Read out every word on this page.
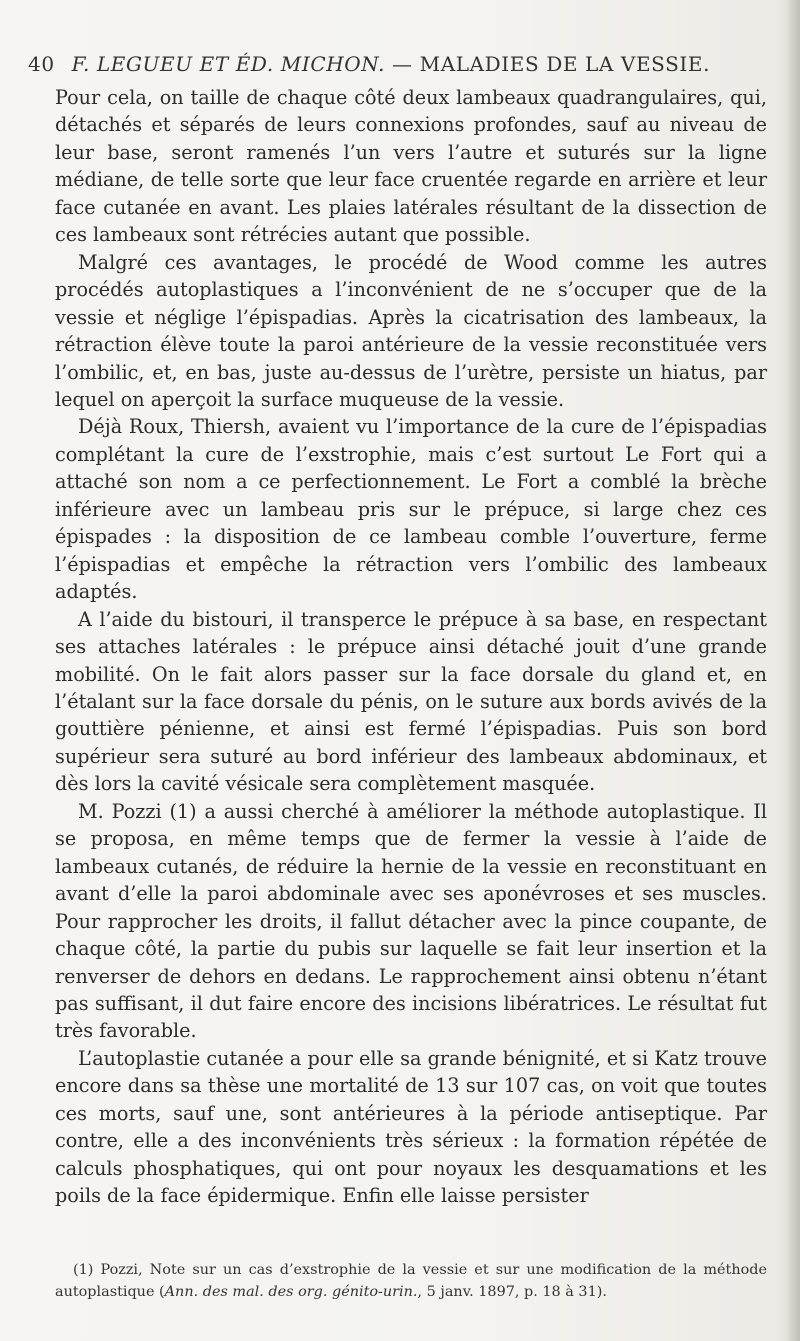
40 F. LEGUEU ET ÉD. MICHON. — MALADIES DE LA VESSIE.

Pour cela, on taille de chaque côté deux lambeaux quadrangulaires, qui, détachés et séparés de leurs connexions profondes, sauf au niveau de leur base, seront ramenés l’un vers l’autre et suturés sur la ligne médiane, de telle sorte que leur face cruentée regarde en arrière et leur face cutanée en avant. Les plaies latérales résultant de la dissection de ces lambeaux sont rétrécies autant que possible.

Malgré ces avantages, le procédé de Wood comme les autres procédés autoplastiques a l’inconvénient de ne s’occuper que de la vessie et néglige l’épispadias. Après la cicatrisation des lambeaux, la rétraction élève toute la paroi antérieure de la vessie reconstituée vers l’ombilic, et, en bas, juste au-dessus de l’urètre, persiste un hiatus, par lequel on aperçoit la surface muqueuse de la vessie.

Déjà Roux, Thiersh, avaient vu l’importance de la cure de l’épispadias complétant la cure de l’exstrophie, mais c’est surtout Le Fort qui a attaché son nom a ce perfectionnement. Le Fort a comblé la brèche inférieure avec un lambeau pris sur le prépuce, si large chez ces épispades : la disposition de ce lambeau comble l’ouverture, ferme l’épispadias et empêche la rétraction vers l’ombilic des lambeaux adaptés.

A l’aide du bistouri, il transperce le prépuce à sa base, en respectant ses attaches latérales : le prépuce ainsi détaché jouit d’une grande mobilité. On le fait alors passer sur la face dorsale du gland et, en l’étalant sur la face dorsale du pénis, on le suture aux bords avivés de la gouttière pénienne, et ainsi est fermé l’épispadias. Puis son bord supérieur sera suturé au bord inférieur des lambeaux abdominaux, et dès lors la cavité vésicale sera complètement masquée.

M. Pozzi (1) a aussi cherché à améliorer la méthode autoplastique. Il se proposa, en même temps que de fermer la vessie à l’aide de lambeaux cutanés, de réduire la hernie de la vessie en reconstituant en avant d’elle la paroi abdominale avec ses aponévroses et ses muscles. Pour rapprocher les droits, il fallut détacher avec la pince coupante, de chaque côté, la partie du pubis sur laquelle se fait leur insertion et la renverser de dehors en dedans. Le rapprochement ainsi obtenu n’étant pas suffisant, il dut faire encore des incisions libératrices. Le résultat fut très favorable.

L’autoplastie cutanée a pour elle sa grande bénignité, et si Katz trouve encore dans sa thèse une mortalité de 13 sur 107 cas, on voit que toutes ces morts, sauf une, sont antérieures à la période antiseptique. Par contre, elle a des inconvénients très sérieux : la formation répétée de calculs phosphatiques, qui ont pour noyaux les desquamations et les poils de la face épidermique. Enfin elle laisse persister

(1) Pozzi, Note sur un cas d’exstrophie de la vessie et sur une modification de la méthode autoplastique (Ann. des mal. des org. génito-urin., 5 janv. 1897, p. 18 à 31).
